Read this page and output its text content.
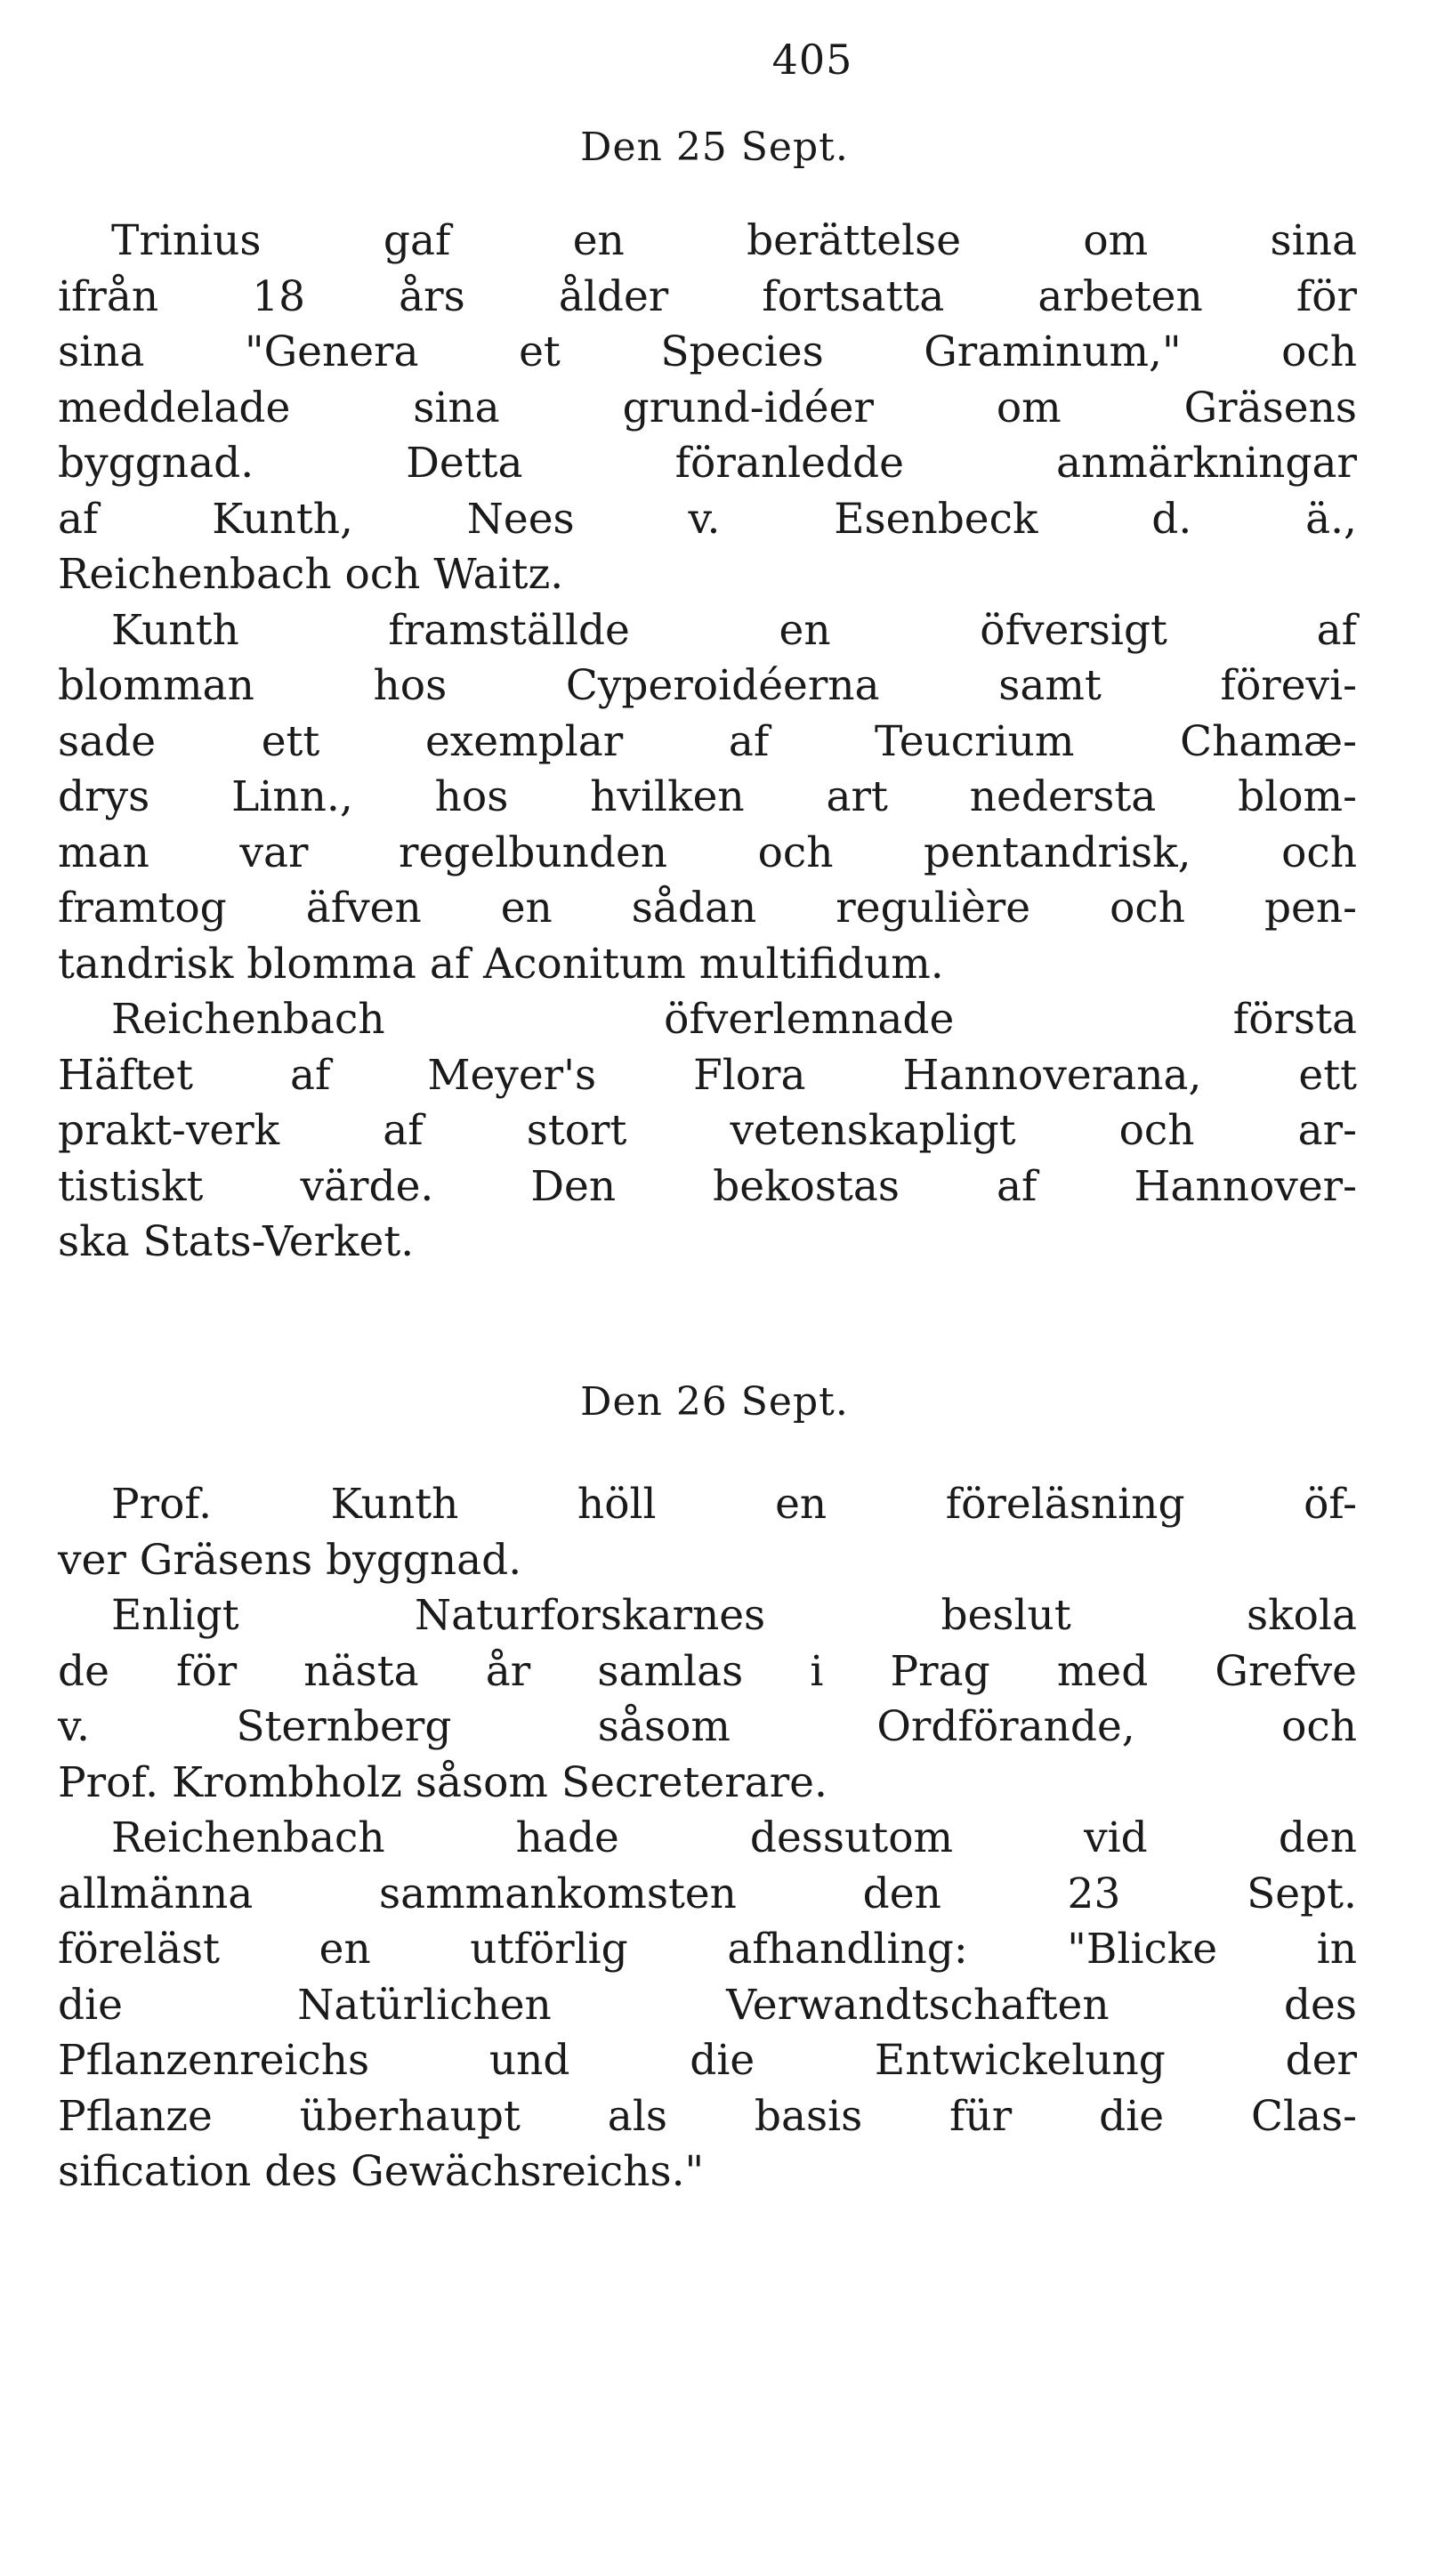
405
Den 25 Sept.
Trinius gaf en berättelse om sina
ifrån 18 års ålder fortsatta arbeten för
sina "Genera et Species Graminum," och
meddelade sina grund-idéer om Gräsens
byggnad. Detta föranledde anmärkningar
af Kunth, Nees v. Esenbeck d. ä.,
Reichenbach och Waitz.
Kunth framställde en öfversigt af
blomman hos Cyperoidéerna samt förevi-
sade ett exemplar af Teucrium Chamæ-
drys Linn., hos hvilken art nedersta blom-
man var regelbunden och pentandrisk, och
framtog äfven en sådan regulière och pen-
tandrisk blomma af Aconitum multifidum.
Reichenbach öfverlemnade första
Häftet af Meyer's Flora Hannoverana, ett
prakt-verk af stort vetenskapligt och ar-
tistiskt värde. Den bekostas af Hannover-
ska Stats-Verket.
Den 26 Sept.
Prof. Kunth höll en föreläsning öf-
ver Gräsens byggnad.
Enligt Naturforskarnes beslut skola
de för nästa år samlas i Prag med Grefve
v. Sternberg såsom Ordförande, och
Prof. Krombholz såsom Secreterare.
Reichenbach hade dessutom vid den
allmänna sammankomsten den 23 Sept.
föreläst en utförlig afhandling: "Blicke in
die Natürlichen Verwandtschaften des
Pflanzenreichs und die Entwickelung der
Pflanze überhaupt als basis für die Clas-
sification des Gewächsreichs."
